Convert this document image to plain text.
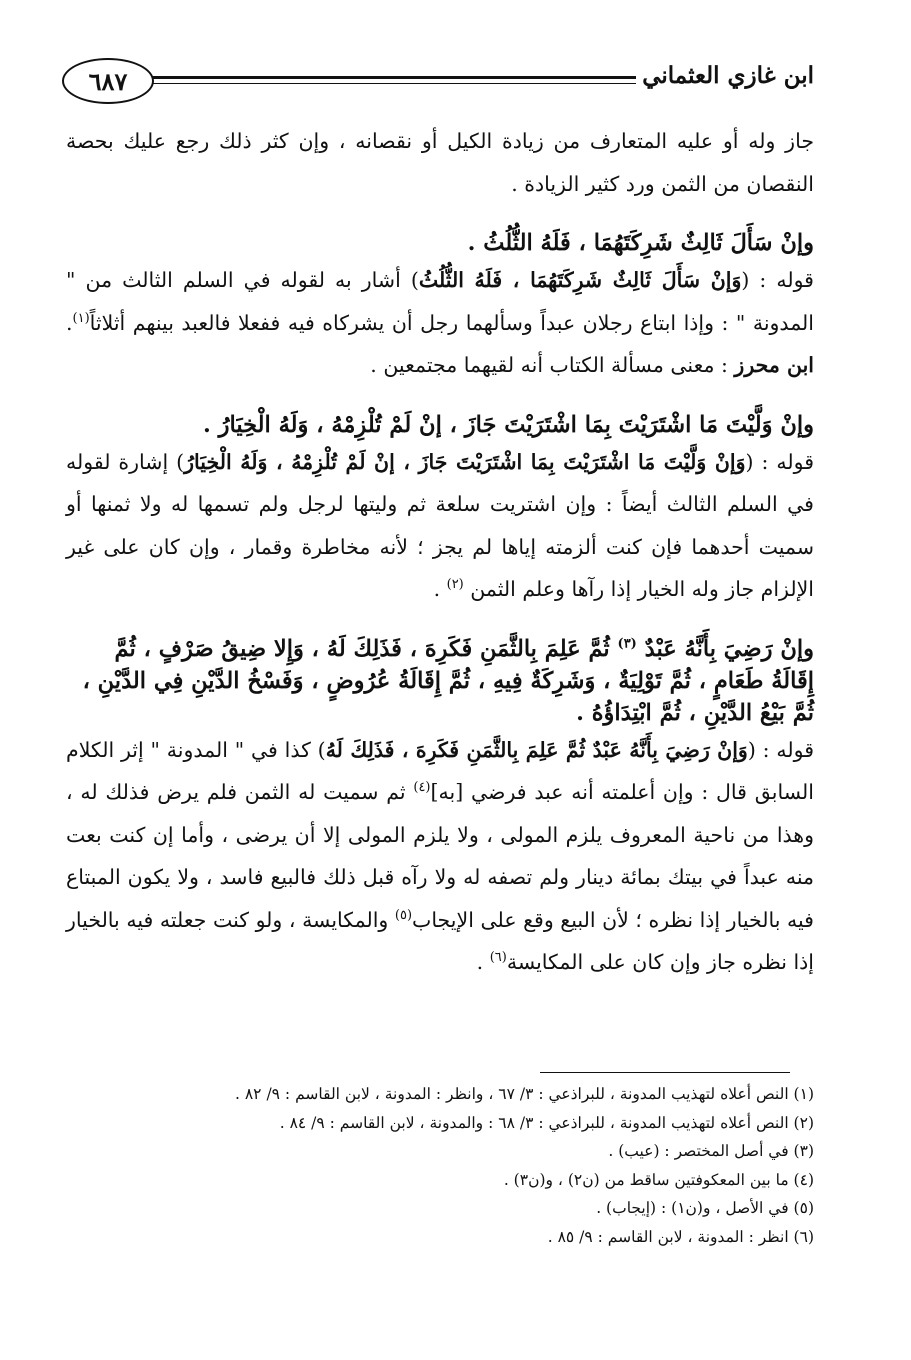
٦٨٧	ابن غازي العثماني

جاز وله أو عليه المتعارف من زيادة الكيل أو نقصانه ، وإن كثر ذلك رجع عليك بحصة النقصان من الثمن ورد كثير الزيادة .

وإنْ سَأَلَ ثَالِثٌ شَرِكَتَهُمَا ، فَلَهُ الثُّلُثُ .

قوله : (وَإنْ سَأَلَ ثَالِثٌ شَرِكَتَهُمَا ، فَلَهُ الثُّلُثُ) أشار به لقوله في السلم الثالث من " المدونة " : وإذا ابتاع رجلان عبداً وسألهما رجل أن يشركاه فيه ففعلا فالعبد بينهم أثلاثاً$^{(١)}$. ابن محرز : معنى مسألة الكتاب أنه لقيهما مجتمعين .

وإنْ وَلَّيْتَ مَا اشْتَرَيْتَ بِمَا اشْتَرَيْتَ جَازَ ، إنْ لَمْ تُلْزِمْهُ ، وَلَهُ الْخِيَارُ .

قوله : (وَإنْ وَلَّيْتَ مَا اشْتَرَيْتَ بِمَا اشْتَرَيْتَ جَازَ ، إنْ لَمْ تُلْزِمْهُ ، وَلَهُ الْخِيَارُ) إشارة لقوله في السلم الثالث أيضاً : وإن اشتريت سلعة ثم وليتها لرجل ولم تسمها له ولا ثمنها أو سميت أحدهما فإن كنت ألزمته إياها لم يجز ؛ لأنه مخاطرة وقمار ، وإن كان على غير الإلزام جاز وله الخيار إذا رآها وعلم الثمن $^{(٢)}$ .

وإنْ رَضِيَ بِأَنَّهُ عَبْدٌ $^{(٣)}$ ثُمَّ عَلِمَ بِالثَّمَنِ فَكَرِهَ ، فَذَلِكَ لَهُ ، وَإِلا ضِيقُ صَرْفٍ ، ثُمَّ إِقَالَةُ طَعَامٍ ، ثُمَّ تَوْلِيَةٌ ، وَشَرِكَةٌ فِيهِ ، ثُمَّ إِقَالَةُ عُرُوضٍ ، وَفَسْخُ الدَّيْنِ فِي الدَّيْنِ ، ثُمَّ بَيْعُ الدَّيْنِ ، ثُمَّ ابْتِدَاؤُهُ .

قوله : (وَإنْ رَضِيَ بِأَنَّهُ عَبْدٌ ثُمَّ عَلِمَ بِالثَّمَنِ فَكَرِهَ ، فَذَلِكَ لَهُ) كذا في " المدونة " إثر الكلام السابق قال : وإن أعلمته أنه عبد فرضي [به]$^{(٤)}$ ثم سميت له الثمن فلم يرض فذلك له ، وهذا من ناحية المعروف يلزم المولى ، ولا يلزم المولى إلا أن يرضى ، وأما إن كنت بعت منه عبداً في بيتك بمائة دينار ولم تصفه له ولا رآه قبل ذلك فالبيع فاسد ، ولا يكون المبتاع فيه بالخيار إذا نظره ؛ لأن البيع وقع على الإيجاب$^{(٥)}$ والمكايسة ، ولو كنت جعلته فيه بالخيار إذا نظره جاز وإن كان على المكايسة$^{(٦)}$ .

(١) النص أعلاه لتهذيب المدونة ، للبراذعي : ٣/ ٦٧ ، وانظر : المدونة ، لابن القاسم : ٩/ ٨٢ .

(٢) النص أعلاه لتهذيب المدونة ، للبراذعي : ٣/ ٦٨ : والمدونة ، لابن القاسم : ٩/ ٨٤ .

(٣) في أصل المختصر : (عيب) .

(٤) ما بين المعكوفتين ساقط من (ن٢) ، و(ن٣) .

(٥) في الأصل ، و(ن١) : (إيجاب) .

(٦) انظر : المدونة ، لابن القاسم : ٩/ ٨٥ .
